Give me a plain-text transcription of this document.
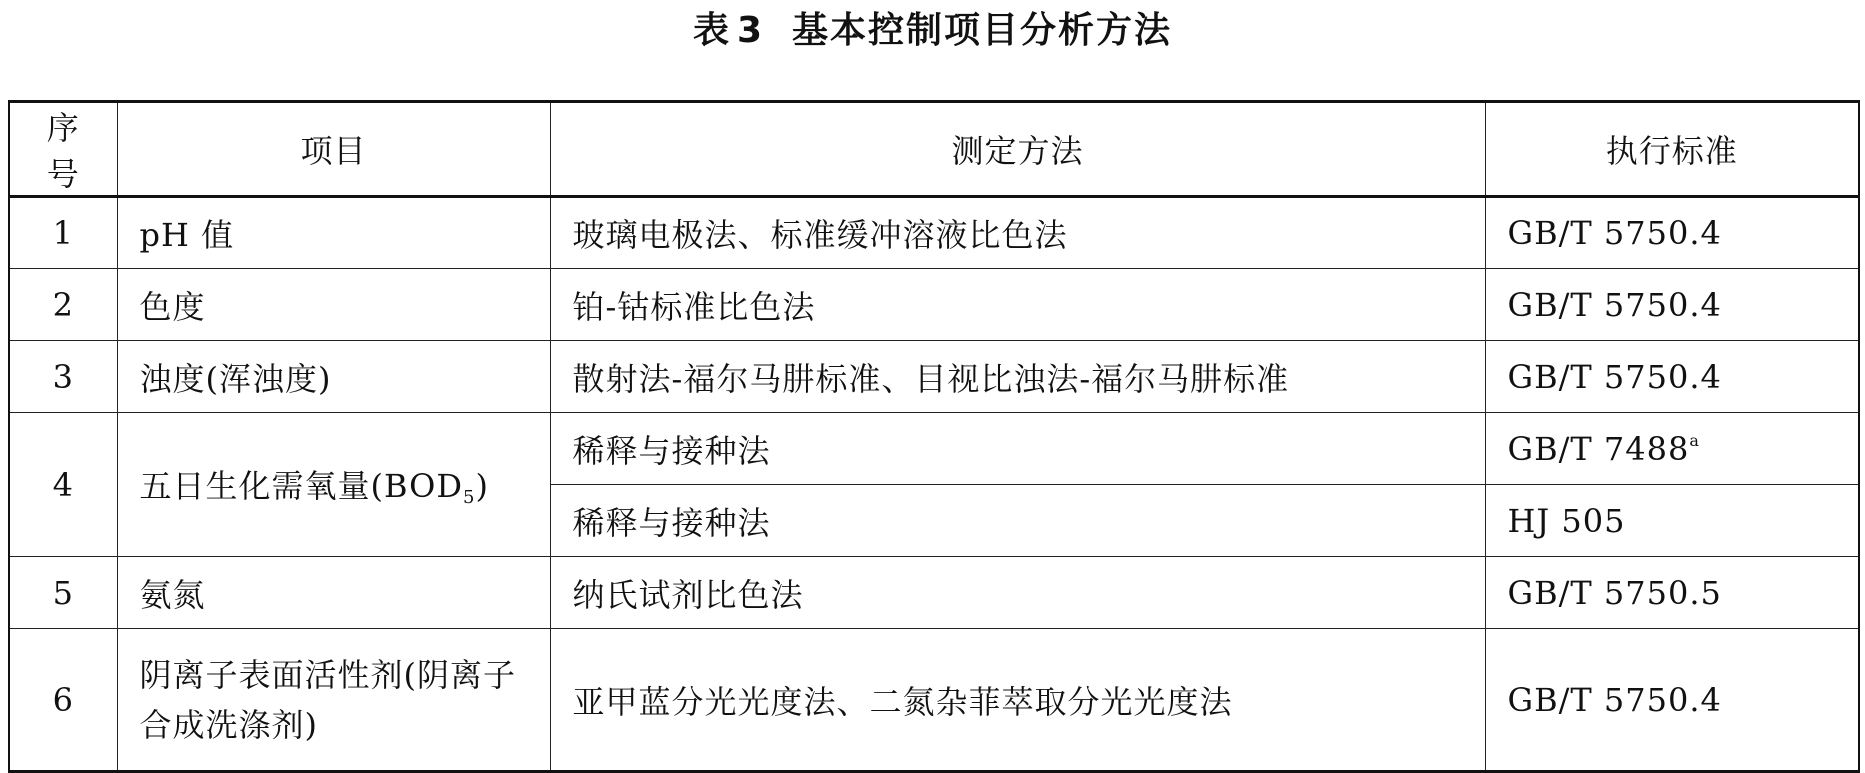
表 3 基本控制项目分析方法
序号	项目	测定方法	执行标准
1	pH 值	玻璃电极法、标准缓冲溶液比色法	GB/T 5750.4
2	色度	铂-钴标准比色法	GB/T 5750.4
3	浊度(浑浊度)	散射法-福尔马肼标准、目视比浊法-福尔马肼标准	GB/T 5750.4
4	五日生化需氧量$(BOD_5)$	稀释与接种法	GB/T 7488$^a$
		稀释与接种法	HJ 505
5	氨氮	纳氏试剂比色法	GB/T 5750.5
6	阴离子表面活性剂(阴离子合成洗涤剂)	亚甲蓝分光光度法、二氮杂菲萃取分光光度法	GB/T 5750.4
